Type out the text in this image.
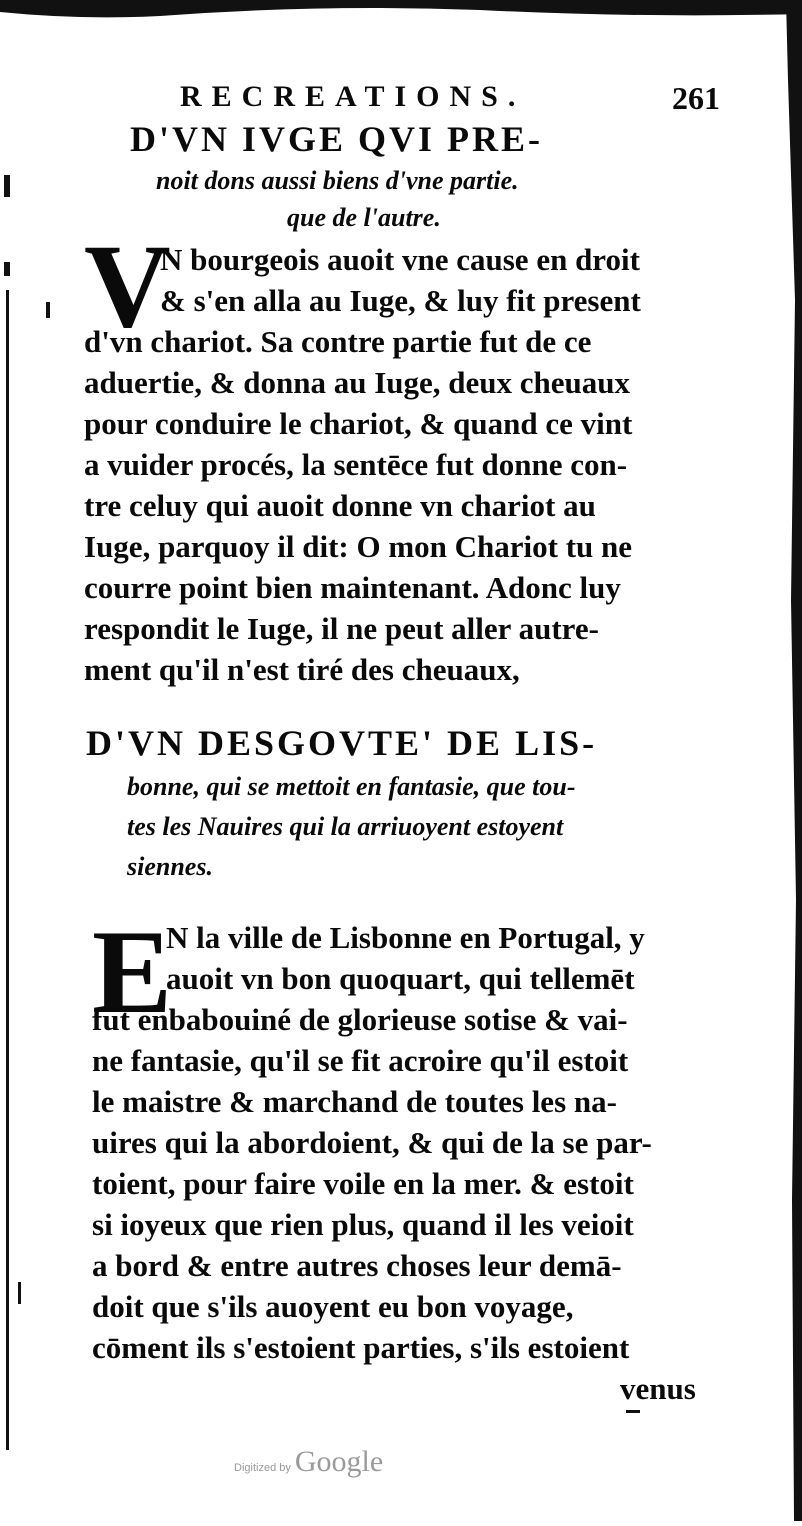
RECREATIONS.	261
D'VN IVGE QVI PRE-
noit dons aussi biens d'vne partie.
que de l'autre.
V
N bourgeois auoit vne cause en droit
& s'en alla au Iuge, & luy fit present
d'vn chariot. Sa contre partie fut de ce
aduertie, & donna au Iuge, deux cheuaux
pour conduire le chariot, & quand ce vint
a vuider procés, la sentēce fut donne con-
tre celuy qui auoit donne vn chariot au
Iuge, parquoy il dit: O mon Chariot tu ne
courre point bien maintenant. Adonc luy
respondit le Iuge, il ne peut aller autre-
ment qu'il n'est tiré des cheuaux,
D'VN DESGOVTE' DE LIS-
bonne, qui se mettoit en fantasie, que tou-
tes les Nauires qui la arriuoyent estoyent
siennes.
E
N la ville de Lisbonne en Portugal, y
auoit vn bon quoquart, qui tellemēt
fut enbabouiné de glorieuse sotise & vai-
ne fantasie, qu'il se fit acroire qu'il estoit
le maistre & marchand de toutes les na-
uires qui la abordoient, & qui de la se par-
toient, pour faire voile en la mer. & estoit
si ioyeux que rien plus, quand il les veioit
a bord & entre autres choses leur demā-
doit que s'ils auoyent eu bon voyage,
cōment ils s'estoient parties, s'ils estoient
venus
Digitized by Google
